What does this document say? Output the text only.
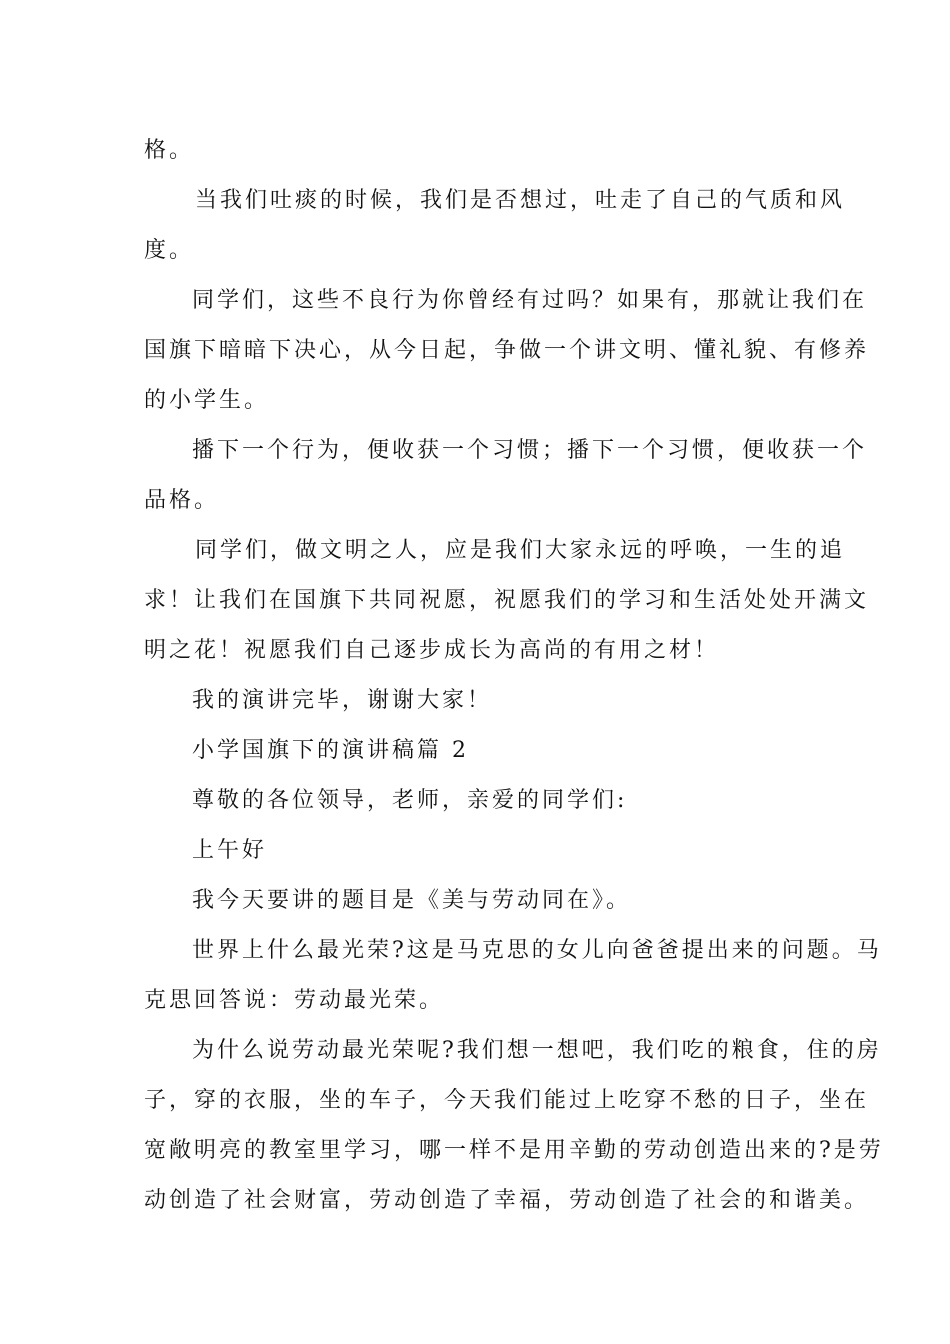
格。
当我们吐痰的时候，我们是否想过，吐走了自己的气质和风
度。
同学们，这些不良行为你曾经有过吗？如果有，那就让我们在
国旗下暗暗下决心，从今日起，争做一个讲文明、懂礼貌、有修养
的小学生。
播下一个行为，便收获一个习惯；播下一个习惯，便收获一个
品格。
同学们，做文明之人，应是我们大家永远的呼唤，一生的追
求！让我们在国旗下共同祝愿，祝愿我们的学习和生活处处开满文
明之花！祝愿我们自己逐步成长为高尚的有用之材！
我的演讲完毕，谢谢大家！
小学国旗下的演讲稿篇 2
尊敬的各位领导，老师，亲爱的同学们:
上午好
我今天要讲的题目是《美与劳动同在》。
世界上什么最光荣?这是马克思的女儿向爸爸提出来的问题。马
克思回答说：劳动最光荣。
为什么说劳动最光荣呢?我们想一想吧，我们吃的粮食，住的房
子，穿的衣服，坐的车子，今天我们能过上吃穿不愁的日子，坐在
宽敞明亮的教室里学习，哪一样不是用辛勤的劳动创造出来的?是劳
动创造了社会财富，劳动创造了幸福，劳动创造了社会的和谐美。
